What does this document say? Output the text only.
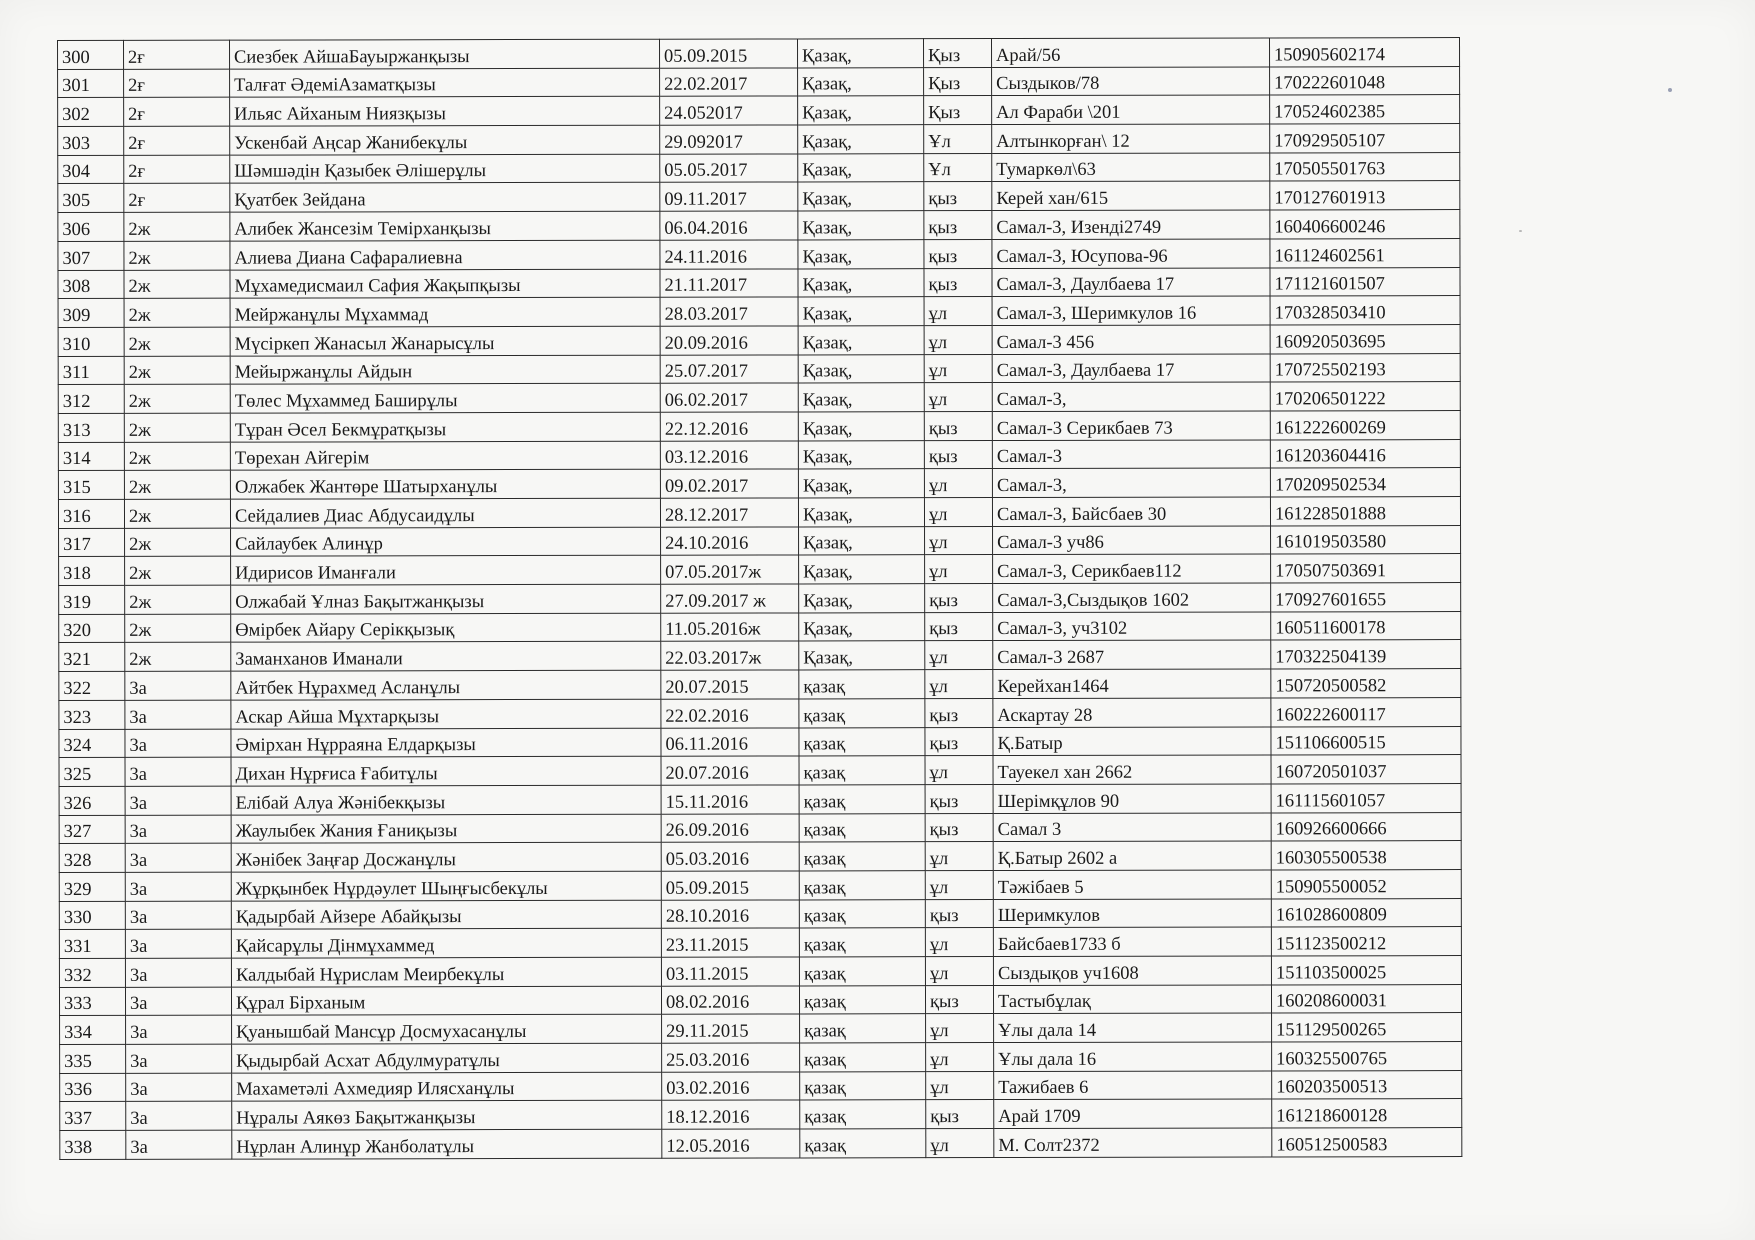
300	2ғ	Сиезбек АйшаБауыржанқызы	05.09.2015	Қазақ,	Қыз	Арай/56	150905602174
301	2ғ	Талғат ӘдеміАзаматқызы	22.02.2017	Қазақ,	Қыз	Сыздыков/78	170222601048
302	2ғ	Ильяс Айханым Ниязқызы	24.052017	Қазақ,	Қыз	Ал Фараби \201	170524602385
303	2ғ	Ускенбай Аңсар Жанибекұлы	29.092017	Қазақ,	Ұл	Алтынкорған\ 12	170929505107
304	2ғ	Шәмшәдін Қазыбек Әлішерұлы	05.05.2017	Қазақ,	Ұл	Тумаркөл\63	170505501763
305	2ғ	Қуатбек Зейдана	09.11.2017	Қазақ,	қыз	Керей хан/615	170127601913
306	2ж	Алибек Жансезім Темірханқызы	06.04.2016	Қазақ,	қыз	Самал-3, Изенді2749	160406600246
307	2ж	Алиева Диана Сафаралиевна	24.11.2016	Қазақ,	қыз	Самал-3, Юсупова-96	161124602561
308	2ж	Мұхамедисмаил Сафия Жақыпқызы	21.11.2017	Қазақ,	қыз	Самал-3, Даулбаева 17	171121601507
309	2ж	Мейржанұлы Мұхаммад	28.03.2017	Қазақ,	ұл	Самал-3, Шеримкулов 16	170328503410
310	2ж	Мүсіркеп Жанасыл Жанарысұлы	20.09.2016	Қазақ,	ұл	Самал-3 456	160920503695
311	2ж	Мейыржанұлы Айдын	25.07.2017	Қазақ,	ұл	Самал-3, Даулбаева 17	170725502193
312	2ж	Төлес Мұхаммед Баширұлы	06.02.2017	Қазақ,	ұл	Самал-3,	170206501222
313	2ж	Тұран Әсел Бекмұратқызы	22.12.2016	Қазақ,	қыз	Самал-3 Серикбаев 73	161222600269
314	2ж	Төрехан Айгерім	03.12.2016	Қазақ,	қыз	Самал-3	161203604416
315	2ж	Олжабек Жантөре Шатырханұлы	09.02.2017	Қазақ,	ұл	Самал-3,	170209502534
316	2ж	Сейдалиев Диас Абдусаидұлы	28.12.2017	Қазақ,	ұл	Самал-3, Байсбаев 30	161228501888
317	2ж	Сайлаубек Алинұр	24.10.2016	Қазақ,	ұл	Самал-3 уч86	161019503580
318	2ж	Идирисов Иманғали	07.05.2017ж	Қазақ,	ұл	Самал-3, Серикбаев112	170507503691
319	2ж	Олжабай Ұлназ Бақытжанқызы	27.09.2017 ж	Қазақ,	қыз	Самал-3,Сыздықов 1602	170927601655
320	2ж	Өмірбек Айару Серікқызық	11.05.2016ж	Қазақ,	қыз	Самал-3, уч3102	160511600178
321	2ж	Заманханов Иманали	22.03.2017ж	Қазақ,	ұл	Самал-3 2687	170322504139
322	3а	Айтбек Нұрахмед Асланұлы	20.07.2015	қазақ	ұл	Керейхан1464	150720500582
323	3а	Аскар Айша Мұхтарқызы	22.02.2016	қазақ	қыз	Аскартау 28	160222600117
324	3а	Әмірхан Нұрраяна Елдарқызы	06.11.2016	қазақ	қыз	Қ.Батыр	151106600515
325	3а	Дихан Нұрғиса Ғабитұлы	20.07.2016	қазақ	ұл	Тауекел хан 2662	160720501037
326	3а	Елібай Алуа Жәнібекқызы	15.11.2016	қазақ	қыз	Шерімқұлов 90	161115601057
327	3а	Жаулыбек Жания Ғаниқызы	26.09.2016	қазақ	қыз	Самал 3	160926600666
328	3а	Жәнібек Заңғар Досжанұлы	05.03.2016	қазақ	ұл	Қ.Батыр 2602 а	160305500538
329	3а	Жұрқынбек Нұрдәулет Шыңғысбекұлы	05.09.2015	қазақ	ұл	Тәжібаев 5	150905500052
330	3а	Қадырбай Айзере Абайқызы	28.10.2016	қазақ	қыз	Шеримкулов	161028600809
331	3а	Қайсарұлы Дінмұхаммед	23.11.2015	қазақ	ұл	Байсбаев1733 б	151123500212
332	3а	Калдыбай Нұрислам Меирбекұлы	03.11.2015	қазақ	ұл	Сыздықов уч1608	151103500025
333	3а	Құрал Бірханым	08.02.2016	қазақ	қыз	Тастыбұлақ	160208600031
334	3а	Қуанышбай Мансұр Досмухасанұлы	29.11.2015	қазақ	ұл	Ұлы дала 14	151129500265
335	3а	Қыдырбай Асхат Абдулмуратұлы	25.03.2016	қазақ	ұл	Ұлы дала 16	160325500765
336	3а	Махаметәлі Ахмедияр Илясханұлы	03.02.2016	қазақ	ұл	Тажибаев 6	160203500513
337	3а	Нұралы Аякөз Бақытжанқызы	18.12.2016	қазақ	қыз	Арай 1709	161218600128
338	3а	Нұрлан Алинұр Жанболатұлы	12.05.2016	қазақ	ұл	М. Солт2372	160512500583
